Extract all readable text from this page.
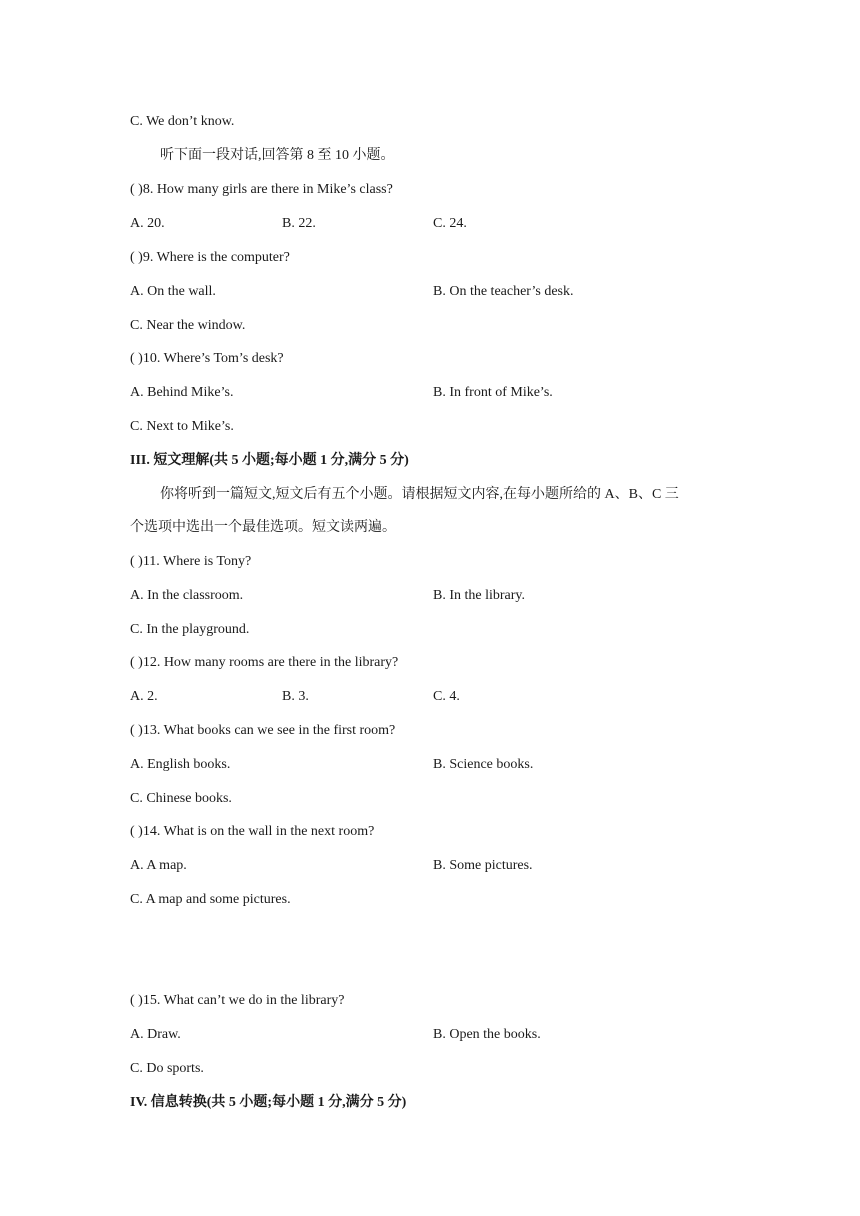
C. We don’t know.
听下面一段对话,回答第 8 至 10 小题。
( )8. How many girls are there in Mike’s class?
A. 20.	B. 22.	C. 24.
( )9. Where is the computer?
A. On the wall.	B. On the teacher’s desk.
C. Near the window.
( )10. Where’s Tom’s desk?
A. Behind Mike’s.	B. In front of Mike’s.
C. Next to Mike’s.
III. 短文理解(共 5 小题;每小题 1 分,满分 5 分)
你将听到一篇短文,短文后有五个小题。请根据短文内容,在每小题所给的 A、B、C 三
个选项中选出一个最佳选项。短文读两遍。
( )11. Where is Tony?
A. In the classroom.	B. In the library.
C. In the playground.
( )12. How many rooms are there in the library?
A. 2.	B. 3.	C. 4.
( )13. What books can we see in the first room?
A. English books.	B. Science books.
C. Chinese books.
( )14. What is on the wall in the next room?
A. A map.	B. Some pictures.
C. A map and some pictures.
( )15. What can’t we do in the library?
A. Draw.	B. Open the books.
C. Do sports.
IV. 信息转换(共 5 小题;每小题 1 分,满分 5 分)
